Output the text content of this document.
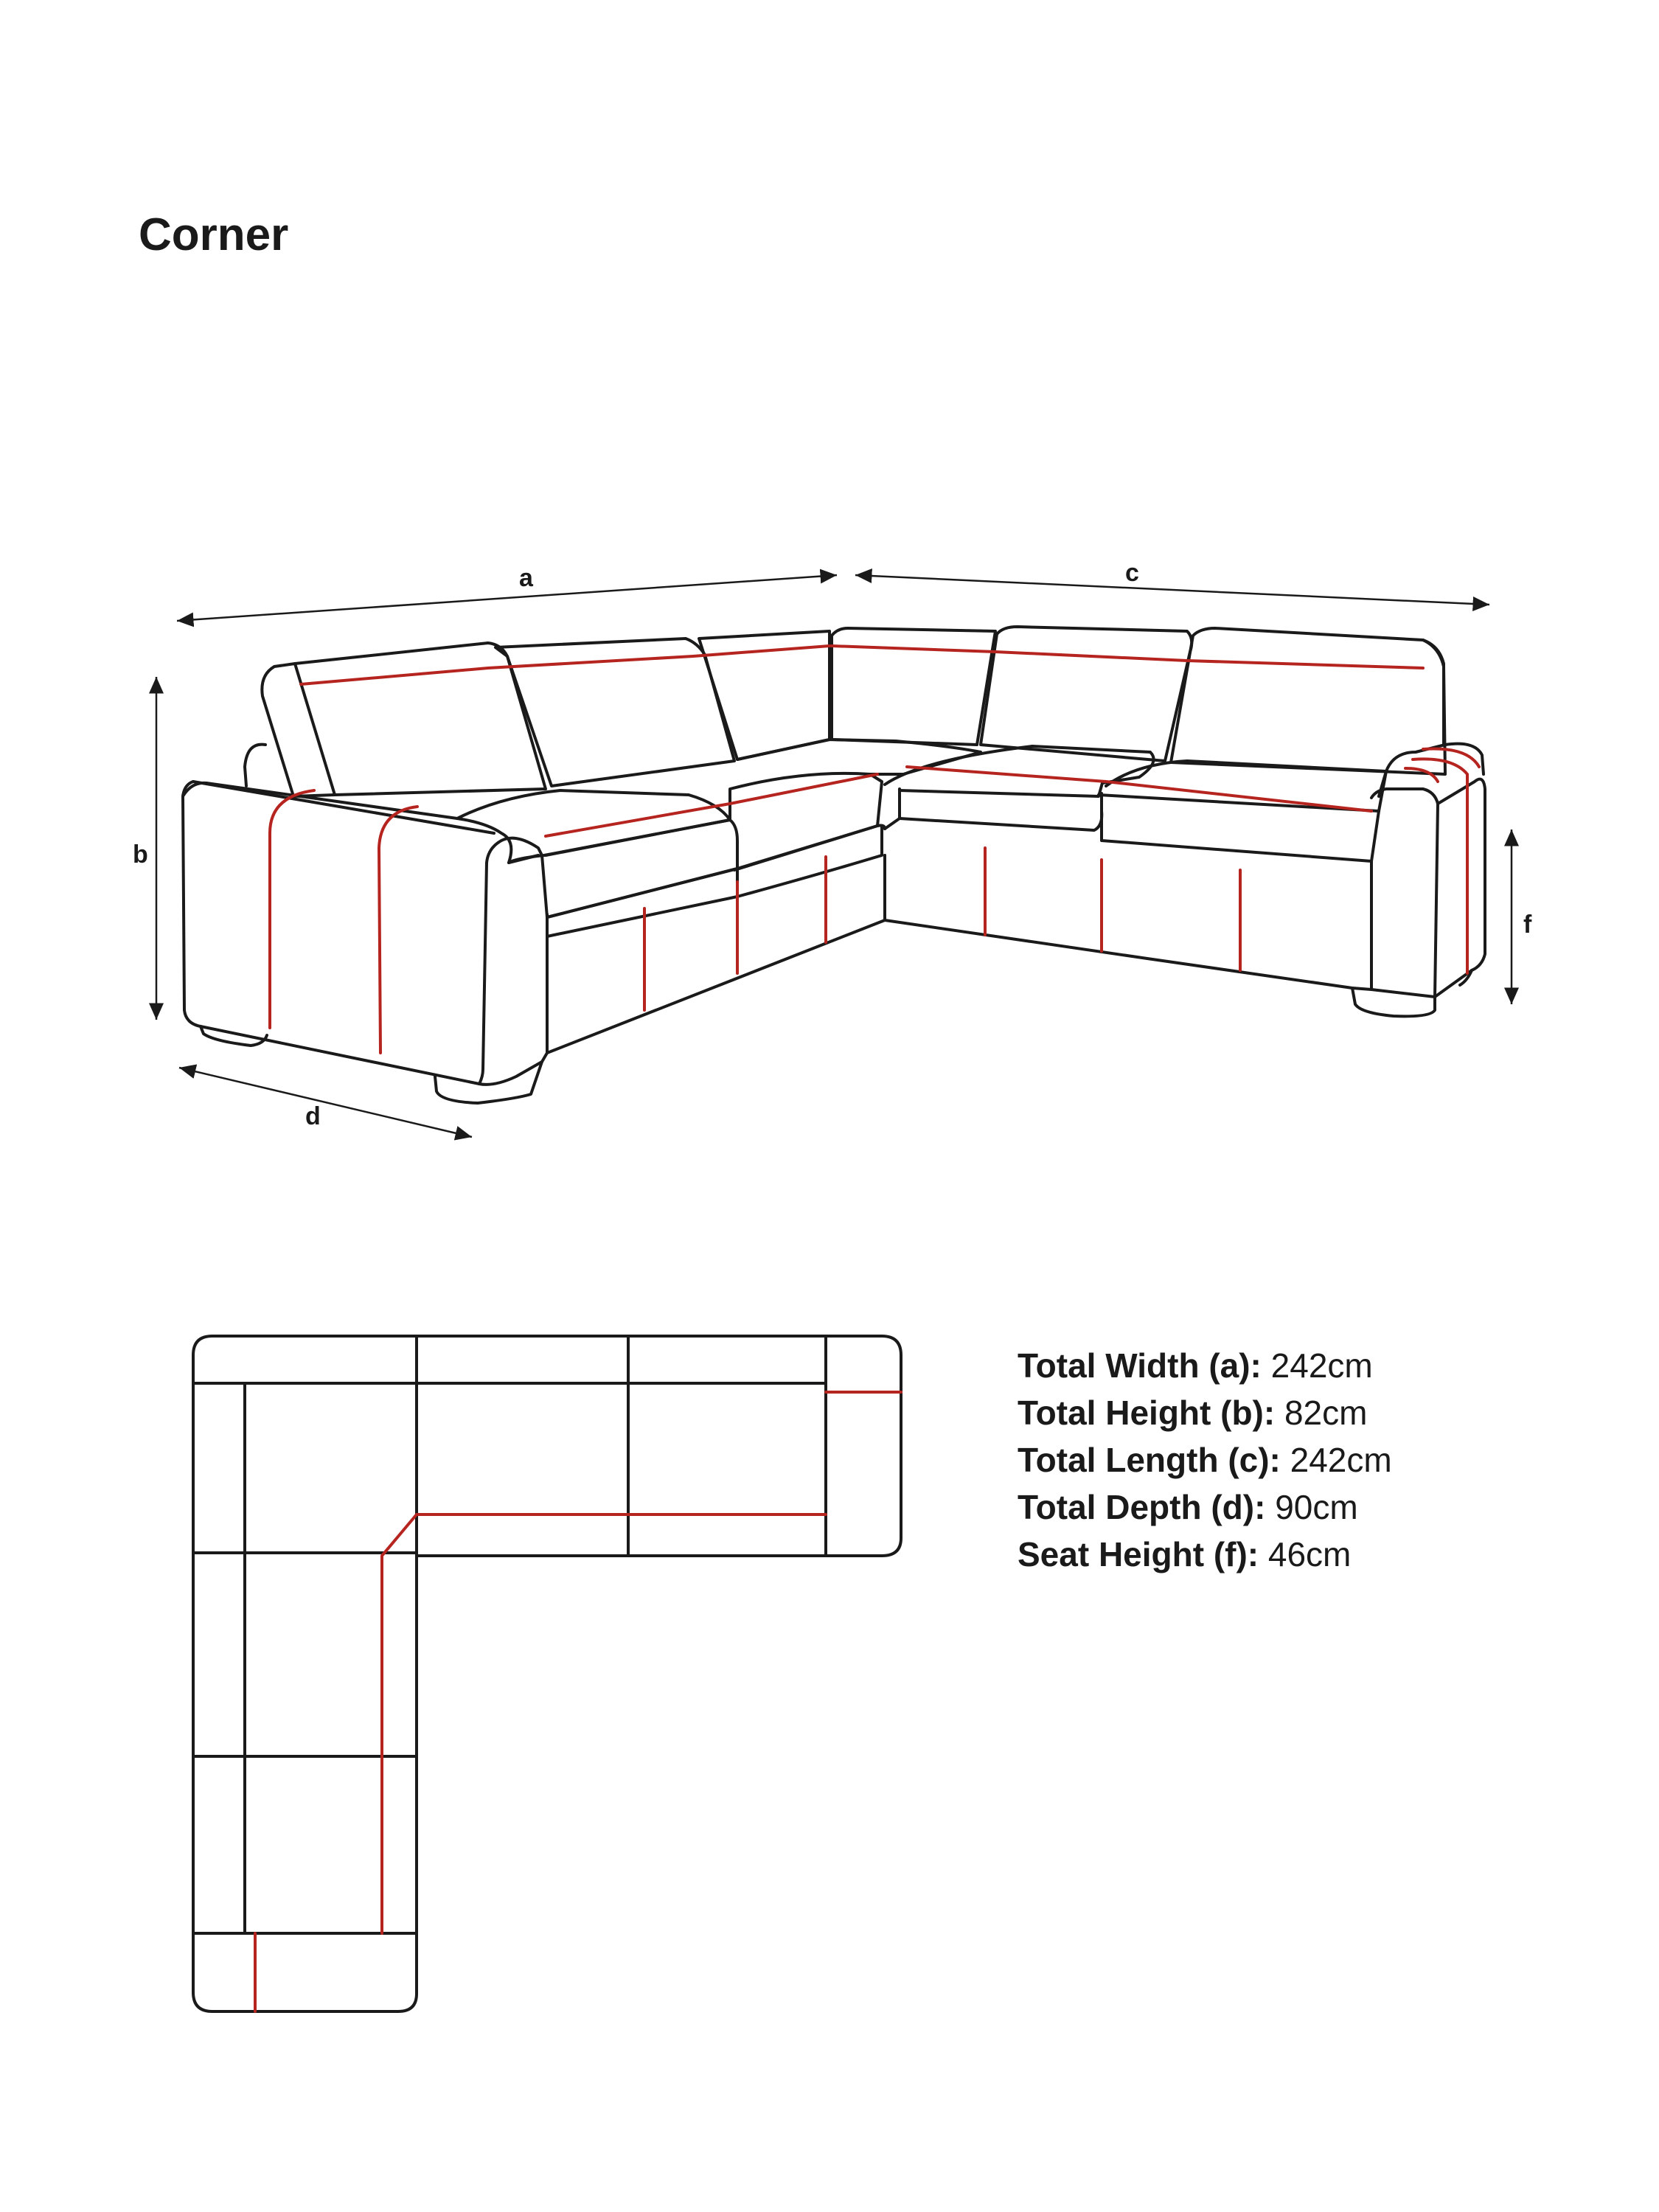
Corner
a	c
b
d
f
Total Width (a): 242cm
Total Height (b): 82cm
Total Length (c): 242cm
Total Depth (d): 90cm
Seat Height (f): 46cm
